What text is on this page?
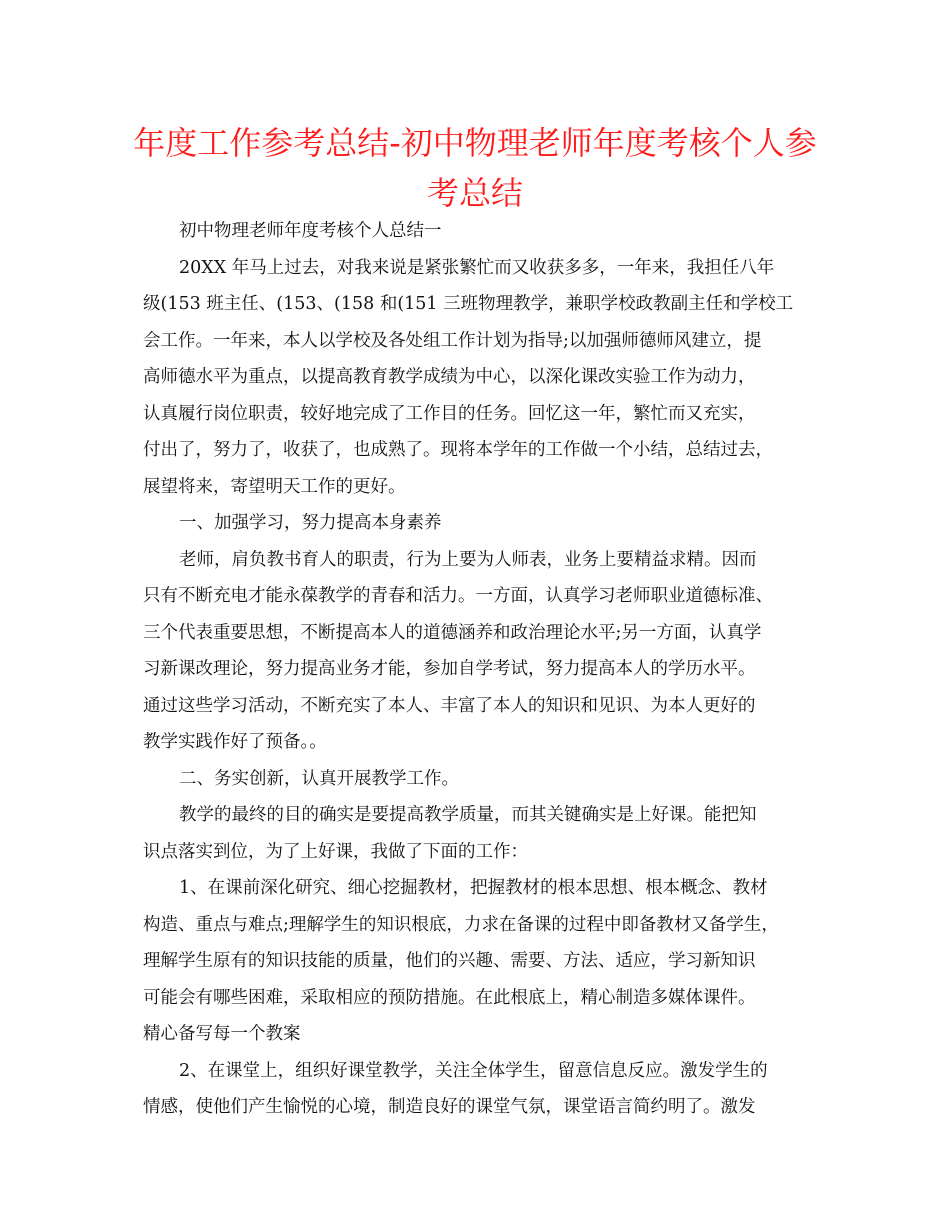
年度工作参考总结-初中物理老师年度考核个人参
考总结
初中物理老师年度考核个人总结一
20XX 年马上过去，对我来说是紧张繁忙而又收获多多，一年来，我担任八年
级(153 班主任、(153、(158 和(151 三班物理教学，兼职学校政教副主任和学校工
会工作。一年来，本人以学校及各处组工作计划为指导;以加强师德师风建立，提
高师德水平为重点，以提高教育教学成绩为中心，以深化课改实验工作为动力，
认真履行岗位职责，较好地完成了工作目的任务。回忆这一年，繁忙而又充实，
付出了，努力了，收获了，也成熟了。现将本学年的工作做一个小结，总结过去，
展望将来，寄望明天工作的更好。
一、加强学习，努力提高本身素养
老师，肩负教书育人的职责，行为上要为人师表，业务上要精益求精。因而
只有不断充电才能永葆教学的青春和活力。一方面，认真学习老师职业道德标准、
三个代表重要思想，不断提高本人的道德涵养和政治理论水平;另一方面，认真学
习新课改理论，努力提高业务才能，参加自学考试，努力提高本人的学历水平。
通过这些学习活动，不断充实了本人、丰富了本人的知识和见识、为本人更好的
教学实践作好了预备。。
二、务实创新，认真开展教学工作。
教学的最终的目的确实是要提高教学质量，而其关键确实是上好课。能把知
识点落实到位，为了上好课，我做了下面的工作：
1、在课前深化研究、细心挖掘教材，把握教材的根本思想、根本概念、教材
构造、重点与难点;理解学生的知识根底，力求在备课的过程中即备教材又备学生，
理解学生原有的知识技能的质量，他们的兴趣、需要、方法、适应，学习新知识
可能会有哪些困难，采取相应的预防措施。在此根底上，精心制造多媒体课件。
精心备写每一个教案
2、在课堂上，组织好课堂教学，关注全体学生，留意信息反应。激发学生的
情感，使他们产生愉悦的心境，制造良好的课堂气氛，课堂语言简约明了。激发
